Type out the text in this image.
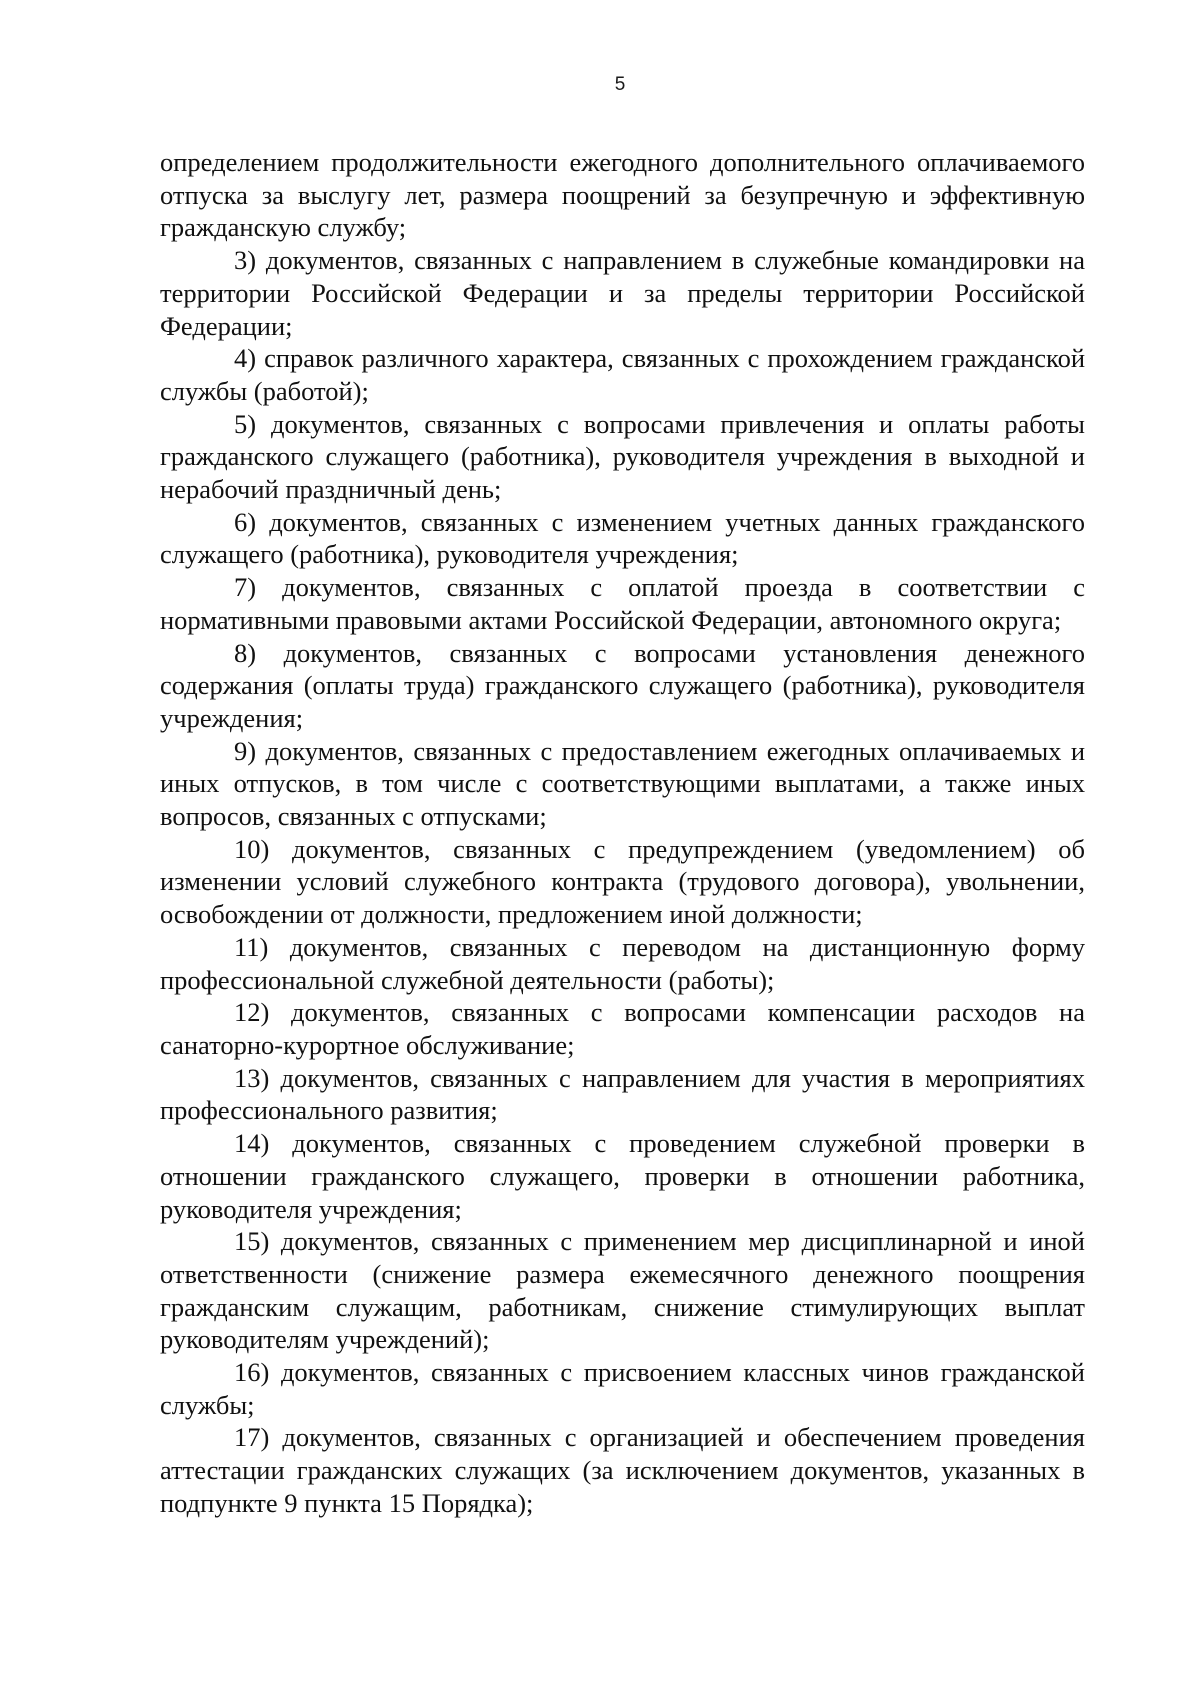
5

определением продолжительности ежегодного дополнительного оплачиваемого отпуска за выслугу лет, размера поощрений за безупречную и эффективную гражданскую службу;

3) документов, связанных с направлением в служебные командировки на территории Российской Федерации и за пределы территории Российской Федерации;

4) справок различного характера, связанных с прохождением гражданской службы (работой);

5) документов, связанных с вопросами привлечения и оплаты работы гражданского служащего (работника), руководителя учреждения в выходной и нерабочий праздничный день;

6) документов, связанных с изменением учетных данных гражданского служащего (работника), руководителя учреждения;

7) документов, связанных с оплатой проезда в соответствии с нормативными правовыми актами Российской Федерации, автономного округа;

8) документов, связанных с вопросами установления денежного содержания (оплаты труда) гражданского служащего (работника), руководителя учреждения;

9) документов, связанных с предоставлением ежегодных оплачиваемых и иных отпусков, в том числе с соответствующими выплатами, а также иных вопросов, связанных с отпусками;

10) документов, связанных с предупреждением (уведомлением) об изменении условий служебного контракта (трудового договора), увольнении, освобождении от должности, предложением иной должности;

11) документов, связанных с переводом на дистанционную форму профессиональной служебной деятельности (работы);

12) документов, связанных с вопросами компенсации расходов на санаторно-курортное обслуживание;

13) документов, связанных с направлением для участия в мероприятиях профессионального развития;

14) документов, связанных с проведением служебной проверки в отношении гражданского служащего, проверки в отношении работника, руководителя учреждения;

15) документов, связанных с применением мер дисциплинарной и иной ответственности (снижение размера ежемесячного денежного поощрения гражданским служащим, работникам, снижение стимулирующих выплат руководителям учреждений);

16) документов, связанных с присвоением классных чинов гражданской службы;

17) документов, связанных с организацией и обеспечением проведения аттестации гражданских служащих (за исключением документов, указанных в подпункте 9 пункта 15 Порядка);
